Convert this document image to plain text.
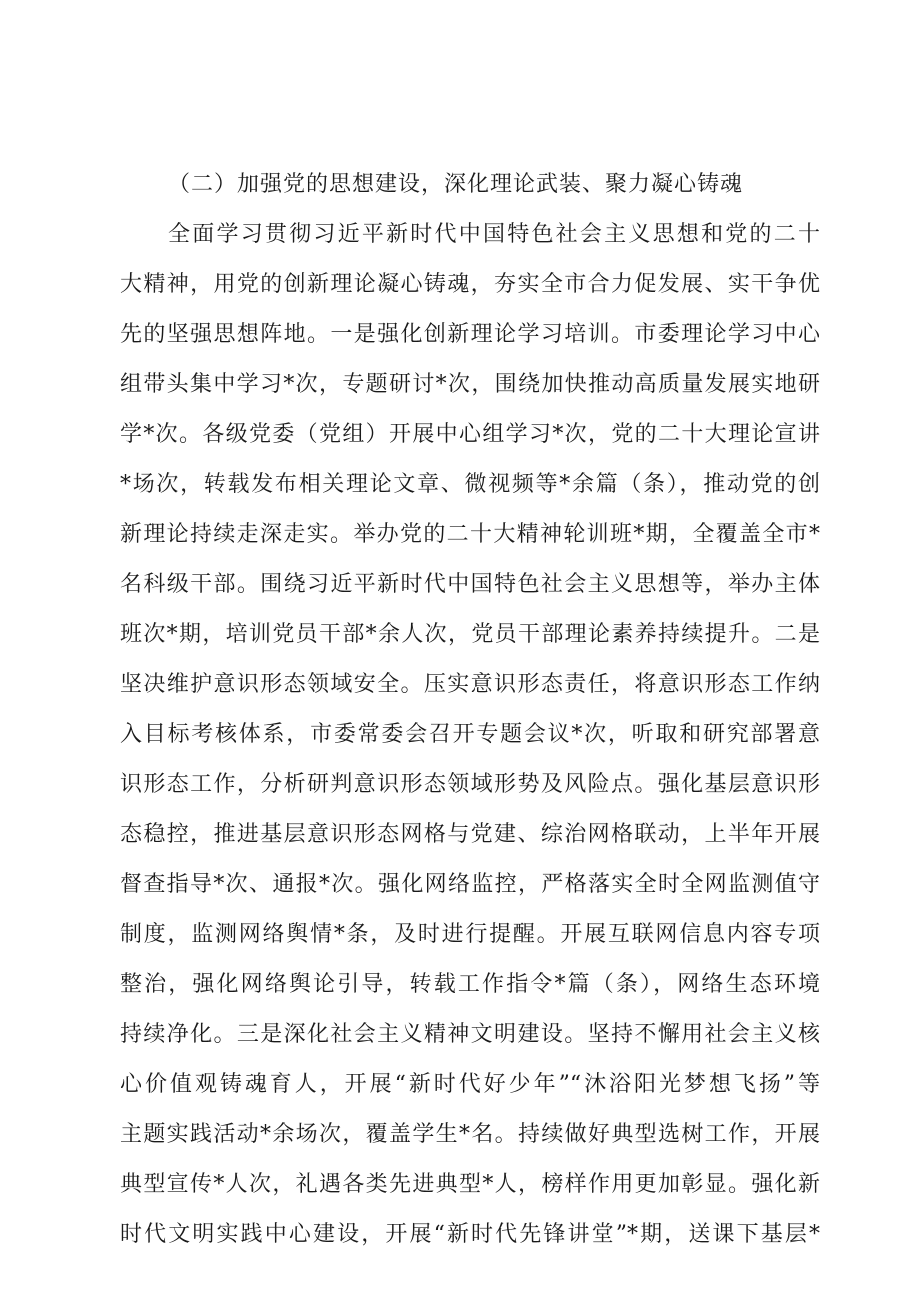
（二）加强党的思想建设，深化理论武装、聚力凝心铸魂
全面学习贯彻习近平新时代中国特色社会主义思想和党的二十
大精神，用党的创新理论凝心铸魂，夯实全市合力促发展、实干争优
先的坚强思想阵地。一是强化创新理论学习培训。市委理论学习中心
组带头集中学习*次，专题研讨*次，围绕加快推动高质量发展实地研
学*次。各级党委（党组）开展中心组学习*次，党的二十大理论宣讲
*场次，转载发布相关理论文章、微视频等*余篇（条），推动党的创
新理论持续走深走实。举办党的二十大精神轮训班*期，全覆盖全市*
名科级干部。围绕习近平新时代中国特色社会主义思想等，举办主体
班次*期，培训党员干部*余人次，党员干部理论素养持续提升。二是
坚决维护意识形态领域安全。压实意识形态责任，将意识形态工作纳
入目标考核体系，市委常委会召开专题会议*次，听取和研究部署意
识形态工作，分析研判意识形态领域形势及风险点。强化基层意识形
态稳控，推进基层意识形态网格与党建、综治网格联动，上半年开展
督查指导*次、通报*次。强化网络监控，严格落实全时全网监测值守
制度，监测网络舆情*条，及时进行提醒。开展互联网信息内容专项
整治，强化网络舆论引导，转载工作指令*篇（条），网络生态环境
持续净化。三是深化社会主义精神文明建设。坚持不懈用社会主义核
心价值观铸魂育人，开展“新时代好少年”“沐浴阳光梦想飞扬”等
主题实践活动*余场次，覆盖学生*名。持续做好典型选树工作，开展
典型宣传*人次，礼遇各类先进典型*人，榜样作用更加彰显。强化新
时代文明实践中心建设，开展“新时代先锋讲堂”*期，送课下基层*
